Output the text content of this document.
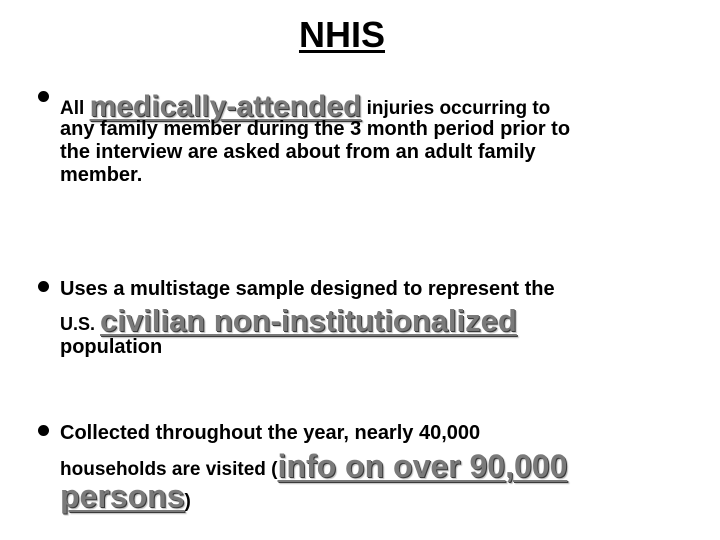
NHIS
All medically-attended injuries occurring to
any family member during the 3 month period prior to
the interview are asked about from an adult family
member.
Uses a multistage sample designed to represent the
U.S. civilian non-institutionalized
population
Collected throughout the year, nearly 40,000
households are visited (info on over 90,000
persons)
